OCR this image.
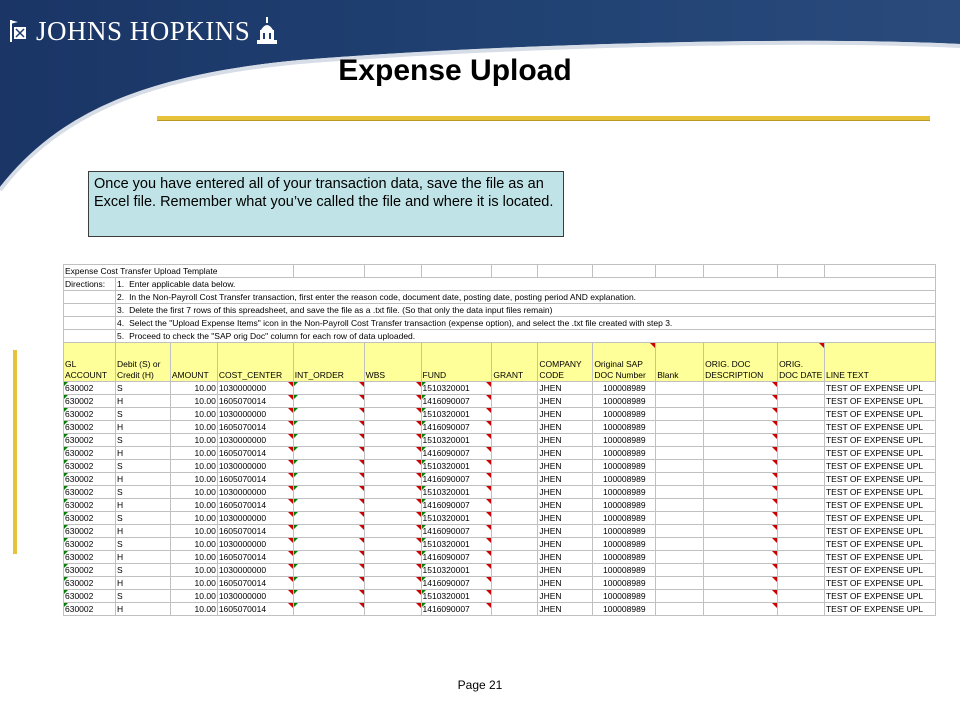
JOHNS HOPKINS
Expense Upload
Once you have entered all of your transaction data, save the file as an Excel file. Remember what you’ve called the file and where it is located.
Expense Cost Transfer Upload Template													
Directions:	1. Enter applicable data below.												
	2. In the Non-Payroll Cost Transfer transaction, first enter the reason code, document date, posting date, posting period AND explanation.												
	3. Delete the first 7 rows of this spreadsheet, and save the file as a .txt file. (So that only the data input files remain)												
	4. Select the "Upload Expense Items" icon in the Non-Payroll Cost Transfer transaction (expense option), and select the .txt file created with step 3.												
	5. Proceed to check the "SAP orig Doc" column for each row of data uploaded.												
GL ACCOUNT	Debit (S) or Credit (H)	AMOUNT	COST_CENTER	INT_ORDER	WBS	FUND	GRANT	COMPANY CODE	Original SAP DOC Number	Blank	ORIG. DOC DESCRIPTION	ORIG. DOC DATE	LINE TEXT
630002	S	10.00	1030000000			1510320001		JHEN	100008989				TEST OF EXPENSE UPL
630002	H	10.00	1605070014			1416090007		JHEN	100008989				TEST OF EXPENSE UPL
630002	S	10.00	1030000000			1510320001		JHEN	100008989				TEST OF EXPENSE UPL
630002	H	10.00	1605070014			1416090007		JHEN	100008989				TEST OF EXPENSE UPL
630002	S	10.00	1030000000			1510320001		JHEN	100008989				TEST OF EXPENSE UPL
630002	H	10.00	1605070014			1416090007		JHEN	100008989				TEST OF EXPENSE UPL
630002	S	10.00	1030000000			1510320001		JHEN	100008989				TEST OF EXPENSE UPL
630002	H	10.00	1605070014			1416090007		JHEN	100008989				TEST OF EXPENSE UPL
630002	S	10.00	1030000000			1510320001		JHEN	100008989				TEST OF EXPENSE UPL
630002	H	10.00	1605070014			1416090007		JHEN	100008989				TEST OF EXPENSE UPL
630002	S	10.00	1030000000			1510320001		JHEN	100008989				TEST OF EXPENSE UPL
630002	H	10.00	1605070014			1416090007		JHEN	100008989				TEST OF EXPENSE UPL
630002	S	10.00	1030000000			1510320001		JHEN	100008989				TEST OF EXPENSE UPL
630002	H	10.00	1605070014			1416090007		JHEN	100008989				TEST OF EXPENSE UPL
630002	S	10.00	1030000000			1510320001		JHEN	100008989				TEST OF EXPENSE UPL
630002	H	10.00	1605070014			1416090007		JHEN	100008989				TEST OF EXPENSE UPL
630002	S	10.00	1030000000			1510320001		JHEN	100008989				TEST OF EXPENSE UPL
630002	H	10.00	1605070014			1416090007		JHEN	100008989				TEST OF EXPENSE UPL
Page 21
